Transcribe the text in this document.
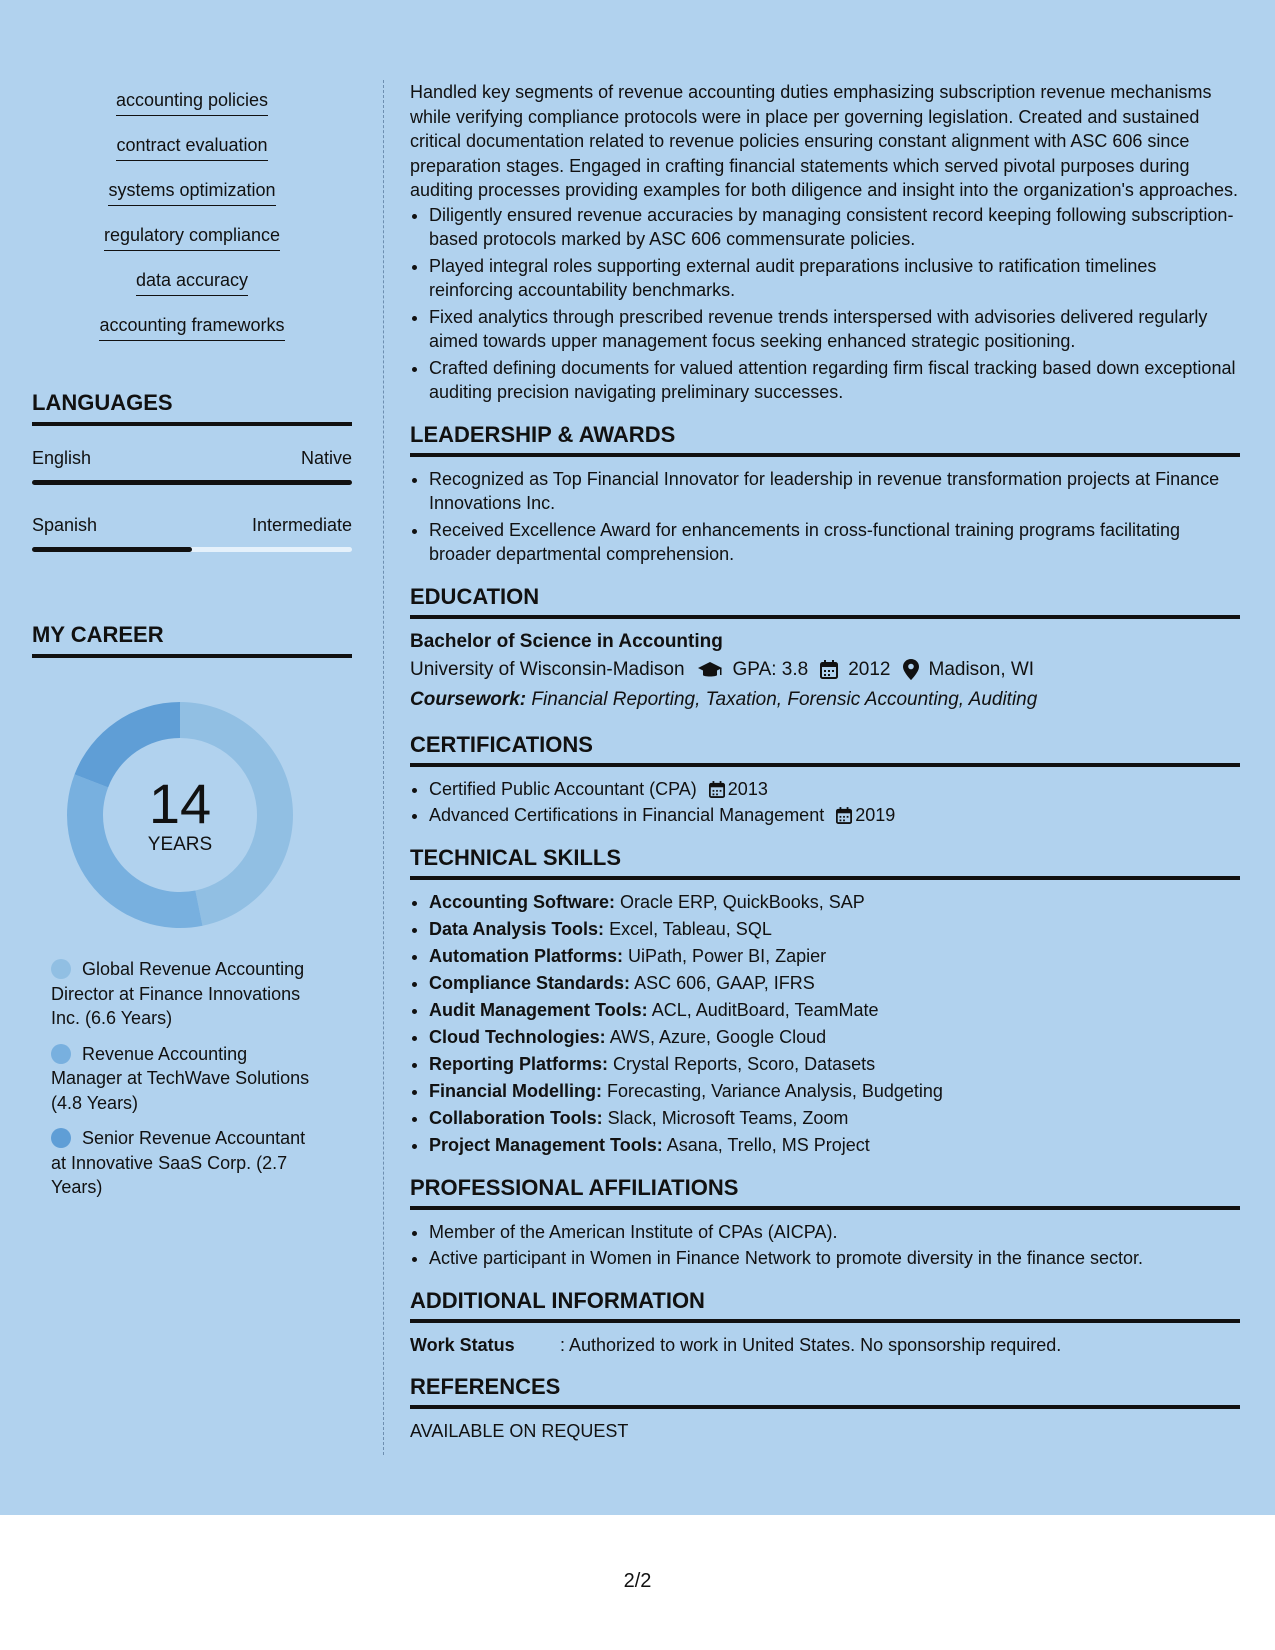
accounting policies
contract evaluation
systems optimization
regulatory compliance
data accuracy
accounting frameworks
LANGUAGES
English	Native
Spanish	Intermediate
MY CAREER
14
YEARS
Global Revenue Accounting Director at Finance Innovations Inc. (6.6 Years)
Revenue Accounting Manager at TechWave Solutions (4.8 Years)
Senior Revenue Accountant at Innovative SaaS Corp. (2.7 Years)

Handled key segments of revenue accounting duties emphasizing subscription revenue mechanisms while verifying compliance protocols were in place per governing legislation. Created and sustained critical documentation related to revenue policies ensuring constant alignment with ASC 606 since preparation stages. Engaged in crafting financial statements which served pivotal purposes during auditing processes providing examples for both diligence and insight into the organization's approaches.

• Diligently ensured revenue accuracies by managing consistent record keeping following subscription-based protocols marked by ASC 606 commensurate policies.
• Played integral roles supporting external audit preparations inclusive to ratification timelines reinforcing accountability benchmarks.
• Fixed analytics through prescribed revenue trends interspersed with advisories delivered regularly aimed towards upper management focus seeking enhanced strategic positioning.
• Crafted defining documents for valued attention regarding firm fiscal tracking based down exceptional auditing precision navigating preliminary successes.
LEADERSHIP & AWARDS
• Recognized as Top Financial Innovator for leadership in revenue transformation projects at Finance Innovations Inc.
• Received Excellence Award for enhancements in cross-functional training programs facilitating broader departmental comprehension.
EDUCATION
Bachelor of Science in Accounting
University of Wisconsin-Madison	GPA: 3.8 2012 Madison, WI
Coursework: Financial Reporting, Taxation, Forensic Accounting, Auditing
CERTIFICATIONS
• Certified Public Accountant (CPA) 2013
• Advanced Certifications in Financial Management 2019
TECHNICAL SKILLS
• Accounting Software: Oracle ERP, QuickBooks, SAP
• Data Analysis Tools: Excel, Tableau, SQL
• Automation Platforms: UiPath, Power BI, Zapier
• Compliance Standards: ASC 606, GAAP, IFRS
• Audit Management Tools: ACL, AuditBoard, TeamMate
• Cloud Technologies: AWS, Azure, Google Cloud
• Reporting Platforms: Crystal Reports, Scoro, Datasets
• Financial Modelling: Forecasting, Variance Analysis, Budgeting
• Collaboration Tools: Slack, Microsoft Teams, Zoom
• Project Management Tools: Asana, Trello, MS Project
PROFESSIONAL AFFILIATIONS
• Member of the American Institute of CPAs (AICPA).
• Active participant in Women in Finance Network to promote diversity in the finance sector.
ADDITIONAL INFORMATION
Work Status	: Authorized to work in United States. No sponsorship required.
REFERENCES
AVAILABLE ON REQUEST
2/2
